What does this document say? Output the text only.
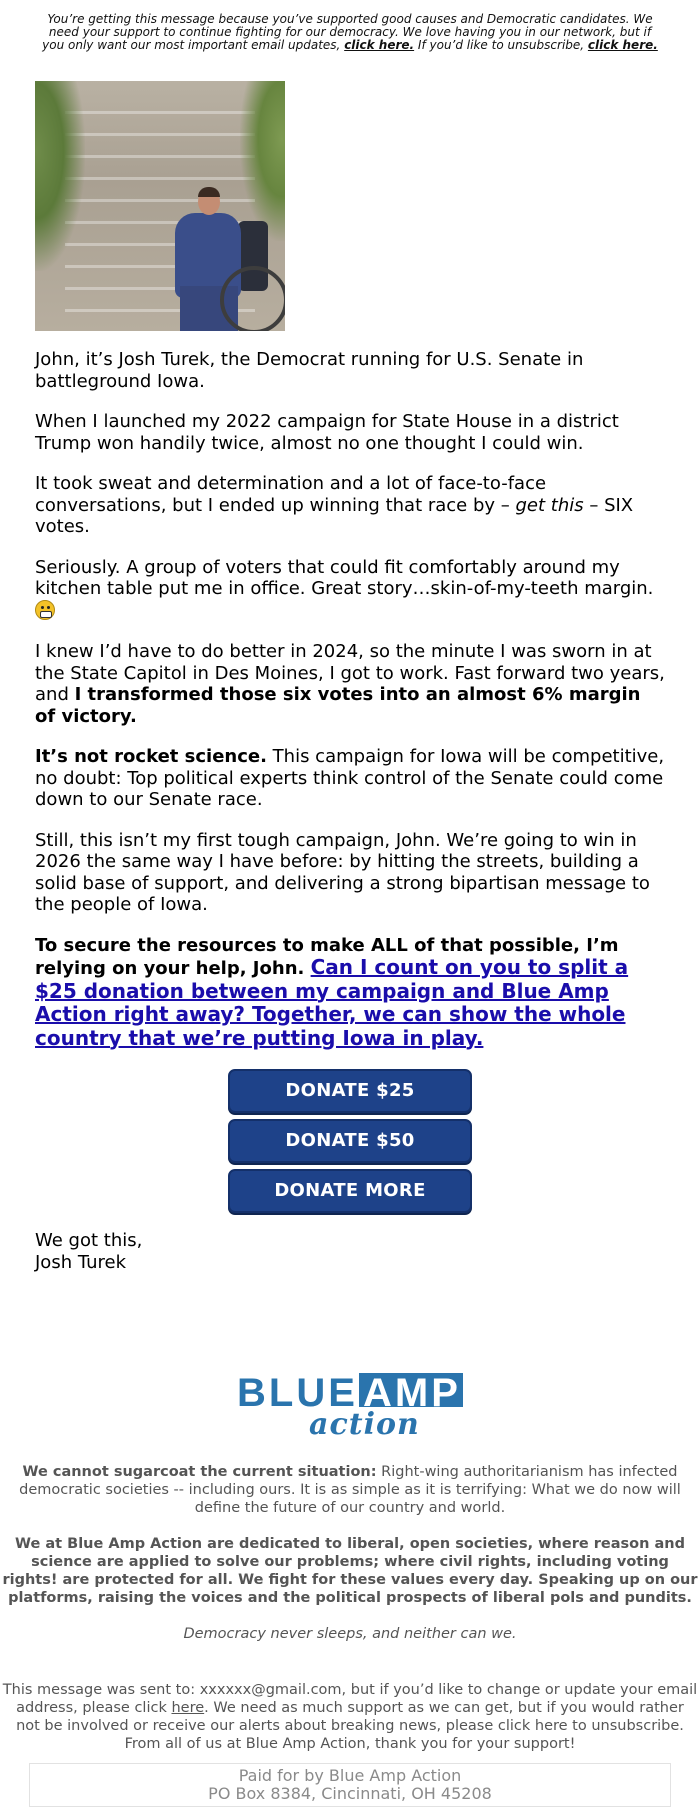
You’re getting this message because you’ve supported good causes and Democratic candidates. We need your support to continue fighting for our democracy. We love having you in our network, but if you only want our most important email updates, click here. If you’d like to unsubscribe, click here.

John, it’s Josh Turek, the Democrat running for U.S. Senate in battleground Iowa.

When I launched my 2022 campaign for State House in a district Trump won handily twice, almost no one thought I could win.

It took sweat and determination and a lot of face-to-face conversations, but I ended up winning that race by – get this – SIX votes.

Seriously. A group of voters that could fit comfortably around my kitchen table put me in office. Great story…skin-of-my-teeth margin.

I knew I’d have to do better in 2024, so the minute I was sworn in at the State Capitol in Des Moines, I got to work. Fast forward two years, and I transformed those six votes into an almost 6% margin of victory.

It’s not rocket science. This campaign for Iowa will be competitive, no doubt: Top political experts think control of the Senate could come down to our Senate race.

Still, this isn’t my first tough campaign, John. We’re going to win in 2026 the same way I have before: by hitting the streets, building a solid base of support, and delivering a strong bipartisan message to the people of Iowa.

To secure the resources to make ALL of that possible, I’m relying on your help, John. Can I count on you to split a $25 donation between my campaign and Blue Amp Action right away? Together, we can show the whole country that we’re putting Iowa in play.

DONATE $25
DONATE $50
DONATE MORE
We got this,
Josh Turek
BLUE AMP
action

We cannot sugarcoat the current situation: Right-wing authoritarianism has infected democratic societies -- including ours. It is as simple as it is terrifying: What we do now will define the future of our country and world.

We at Blue Amp Action are dedicated to liberal, open societies, where reason and science are applied to solve our problems; where civil rights, including voting rights! are protected for all. We fight for these values every day. Speaking up on our platforms, raising the voices and the political prospects of liberal pols and pundits.

Democracy never sleeps, and neither can we.

This message was sent to: xxxxxx@gmail.com, but if you’d like to change or update your email address, please click here. We need as much support as we can get, but if you would rather not be involved or receive our alerts about breaking news, please click here to unsubscribe. From all of us at Blue Amp Action, thank you for your support!

Paid for by Blue Amp Action
PO Box 8384, Cincinnati, OH 45208
